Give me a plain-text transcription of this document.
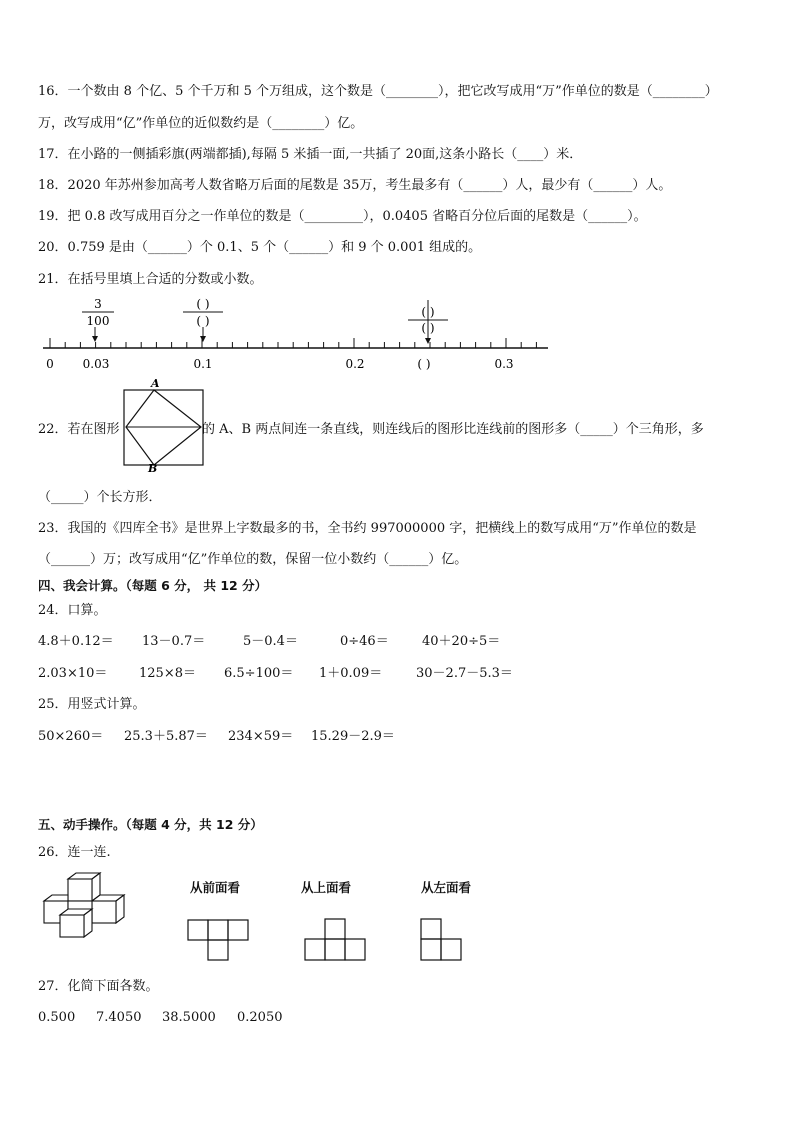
16．一个数由 8 个亿、5 个千万和 5 个万组成，这个数是（________），把它改写成用“万”作单位的数是（________）
万，改写成用“亿”作单位的近似数约是（________）亿。
17．在小路的一侧插彩旗(两端都插),每隔 5 米插一面,一共插了 20面,这条小路长（____）米．
18．2020 年苏州参加高考人数省略万后面的尾数是 35万，考生最多有（______）人，最少有（______）人。
19．把 0.8 改写成用百分之一作单位的数是（_________），0.0405 省略百分位后面的尾数是（______）。
20．0.759 是由（______）个 0.1、5 个（______）和 9 个 0.001 组成的。
21．在括号里填上合适的分数或小数。
3
100
( )
( )
( )
( )
0 0.03	0.1	0.2	( )	0.3
22．若在图形
A
B
的 A、B 两点间连一条直线，则连线后的图形比连线前的图形多（_____）个三角形，多
（_____）个长方形．
23．我国的《四库全书》是世界上字数最多的书，全书约 997000000 字，把横线上的数写成用“万”作单位的数是
（______）万；改写成用“亿”作单位的数，保留一位小数约（______）亿。
四、我会计算。（每题 6 分， 共 12 分）
24．口算。
4.8＋0.12＝ 13－0.7＝	5－0.4＝	0÷46＝	40＋20÷5＝
2.03×10＝ 125×8＝ 6.5÷100＝ 1＋0.09＝	30－2.7－5.3＝
25．用竖式计算。
50×260＝ 25.3＋5.87＝ 234×59＝ 15.29－2.9＝
五、动手操作。（每题 4 分，共 12 分）
26．连一连.
从前面看	从上面看	从左面看
27．化简下面各数。
0.500 7.4050 38.5000 0.2050
